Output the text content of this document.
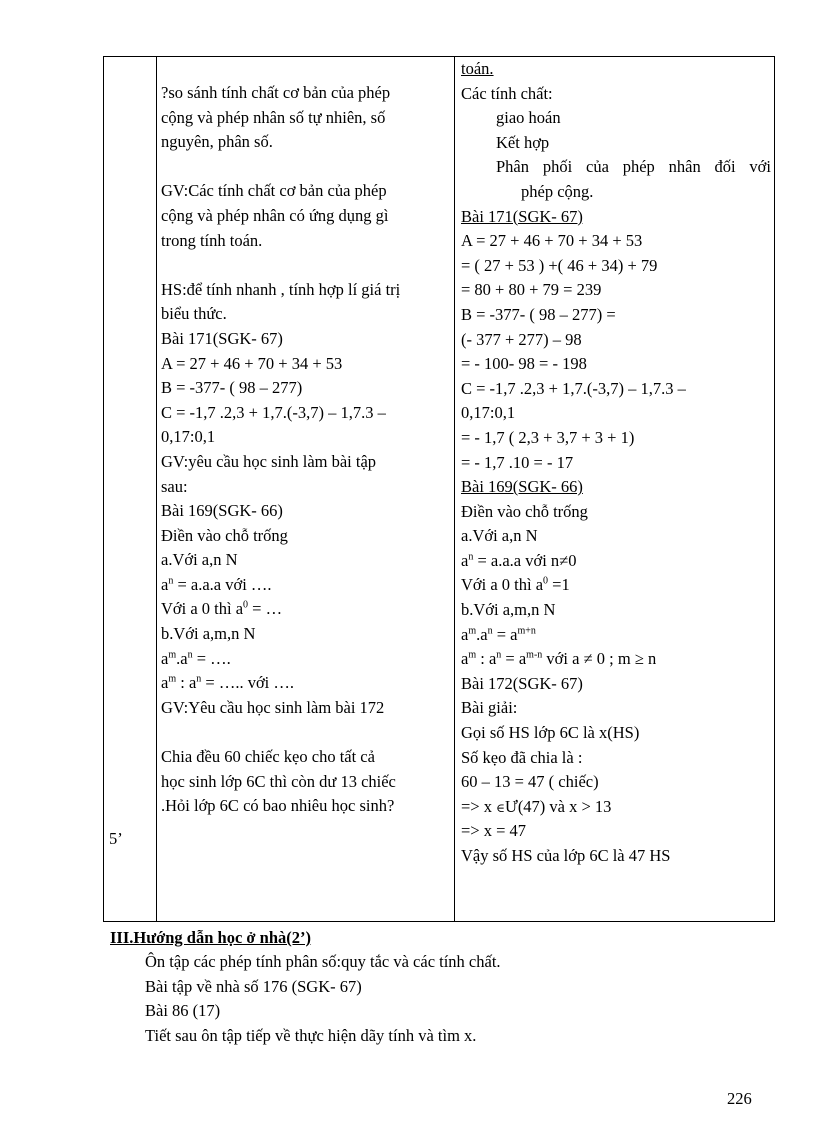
5’
?so sánh tính chất cơ bản của phép
cộng và phép nhân số tự nhiên, số
nguyên, phân số.
GV:Các tính chất cơ bản của phép
cộng và phép nhân có ứng dụng gì
trong tính toán.
HS:để tính nhanh , tính hợp lí giá trị
biểu thức.
Bài 171(SGK- 67)
A = 27 + 46 + 70 + 34 + 53
B = -377- ( 98 – 277)
C = -1,7 .2,3 + 1,7.(-3,7) – 1,7.3 –
0,17:0,1
GV:yêu cầu học sinh làm bài tập
sau:
Bài 169(SGK- 66)
Điền vào chỗ trống
a.Với a,n N
$a^n = a.a.a$ với ….
Với a 0 thì $a^0$ = …
b.Với a,m,n N
$a^m.a^n$ = ….
$a^m$ : $a^n$ = ….. với ….
GV:Yêu cầu học sinh làm bài 172
Chia đều 60 chiếc kẹo cho tất cả
học sinh lớp 6C thì còn dư 13 chiếc
.Hỏi lớp 6C có bao nhiêu học sinh?
toán.
Các tính chất:
giao hoán
Kết hợp
Phân phối của phép nhân đối với
phép cộng.
Bài 171(SGK- 67)
A = 27 + 46 + 70 + 34 + 53
= ( 27 + 53 ) +( 46 + 34) + 79
= 80 + 80 + 79 = 239
B = -377- ( 98 – 277) =
(- 377 + 277) – 98
= - 100- 98 = - 198
C = -1,7 .2,3 + 1,7.(-3,7) – 1,7.3 –
0,17:0,1
= - 1,7 ( 2,3 + 3,7 + 3 + 1)
= - 1,7 .10 = - 17
Bài 169(SGK- 66)
Điền vào chỗ trống
a.Với a,n N
$a^n = a.a.a$ với n≠0
Với a 0 thì $a^0 =1$
b.Với a,m,n N
$a^m.a^n = a^{m+n}$
$a^m$ : $a^n = a^{m-n}$ với a ≠ 0 ; m ≥ n
Bài 172(SGK- 67)
Bài giải:
Gọi số HS lớp 6C là x(HS)
Số kẹo đã chia là :
60 – 13 = 47 ( chiếc)
=> x ∈Ư(47) và x > 13
=> x = 47
Vậy số HS của lớp 6C là 47 HS
III.Hướng dẫn học ở nhà(2’)
Ôn tập các phép tính phân số:quy tắc và các tính chất.
Bài tập về nhà số 176 (SGK- 67)
Bài 86 (17)
Tiết sau ôn tập tiếp về thực hiện dãy tính và tìm x.
226
